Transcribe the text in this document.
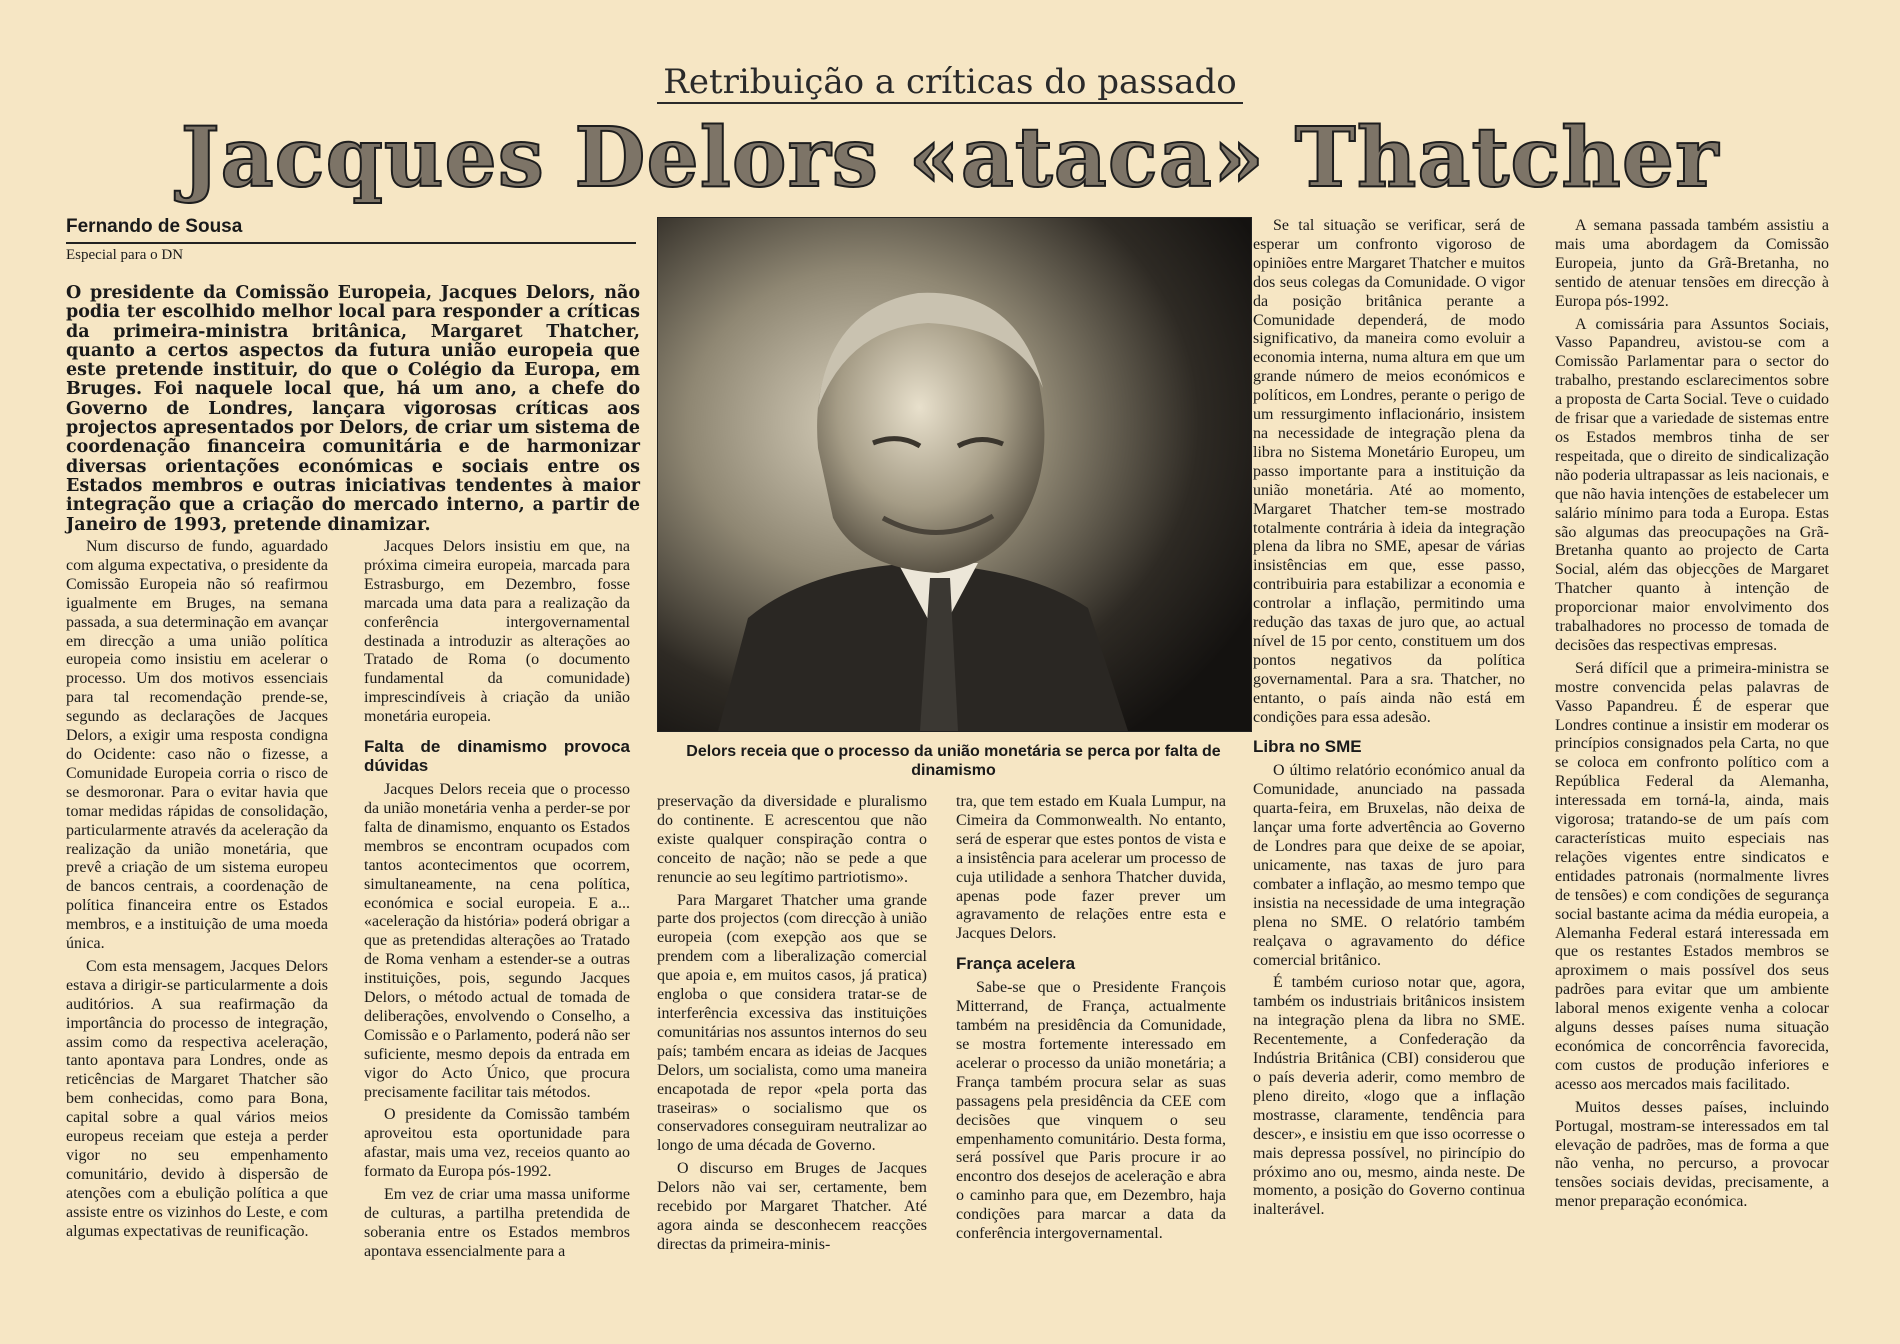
Retribuição a críticas do passado
Jacques Delors «ataca» Thatcher
Fernando de Sousa
Especial para o DN
O presidente da Comissão Europeia, Jacques Delors, não podia ter escolhido melhor local para responder a críticas da primeira-ministra britânica, Margaret Thatcher, quanto a certos aspectos da futura união europeia que este pretende instituir, do que o Colégio da Europa, em Bruges. Foi naquele local que, há um ano, a chefe do Governo de Londres, lançara vigorosas críticas aos projectos apresentados por Delors, de criar um sistema de coordenação financeira comunitária e de harmonizar diversas orientações económicas e sociais entre os Estados membros e outras iniciativas tendentes à maior integração que a criação do mercado interno, a partir de Janeiro de 1993, pretende dinamizar.
Delors receia que o processo da união monetária se perca por falta de dinamismo

Num discurso de fundo, aguardado com alguma expectativa, o presidente da Comissão Europeia não só reafirmou igualmente em Bruges, na semana passada, a sua determinação em avançar em direcção a uma união política europeia como insistiu em acelerar o processo. Um dos motivos essenciais para tal recomendação prende-se, segundo as declarações de Jacques Delors, a exigir uma resposta condigna do Ocidente: caso não o fizesse, a Comunidade Europeia corria o risco de se desmoronar. Para o evitar havia que tomar medidas rápidas de consolidação, particularmente através da aceleração da realização da união monetária, que prevê a criação de um sistema europeu de bancos centrais, a coordenação de política financeira entre os Estados membros, e a instituição de uma moeda única.

Com esta mensagem, Jacques Delors estava a dirigir-se particularmente a dois auditórios. A sua reafirmação da importância do processo de integração, assim como da respectiva aceleração, tanto apontava para Londres, onde as reticências de Margaret Thatcher são bem conhecidas, como para Bona, capital sobre a qual vários meios europeus receiam que esteja a perder vigor no seu empenhamento comunitário, devido à dispersão de atenções com a ebulição política a que assiste entre os vizinhos do Leste, e com algumas expectativas de reunificação.

Jacques Delors insistiu em que, na próxima cimeira europeia, marcada para Estrasburgo, em Dezembro, fosse marcada uma data para a realização da conferência intergovernamental destinada a introduzir as alterações ao Tratado de Roma (o documento fundamental da comunidade) imprescindíveis à criação da união monetária europeia.

Falta de dinamismo provoca dúvidas

Jacques Delors receia que o processo da união monetária venha a perder-se por falta de dinamismo, enquanto os Estados membros se encontram ocupados com tantos acontecimentos que ocorrem, simultaneamente, na cena política, económica e social europeia. E a... «aceleração da história» poderá obrigar a que as pretendidas alterações ao Tratado de Roma venham a estender-se a outras instituições, pois, segundo Jacques Delors, o método actual de tomada de deliberações, envolvendo o Conselho, a Comissão e o Parlamento, poderá não ser suficiente, mesmo depois da entrada em vigor do Acto Único, que procura precisamente facilitar tais métodos.

O presidente da Comissão também aproveitou esta oportunidade para afastar, mais uma vez, receios quanto ao formato da Europa pós-1992.

Em vez de criar uma massa uniforme de culturas, a partilha pretendida de soberania entre os Estados membros apontava essencialmente para a

preservação da diversidade e pluralismo do continente. E acrescentou que não existe qualquer conspiração contra o conceito de nação; não se pede a que renuncie ao seu legítimo partriotismo».

Para Margaret Thatcher uma grande parte dos projectos (com direcção à união europeia (com exepção aos que se prendem com a liberalização comercial que apoia e, em muitos casos, já pratica) engloba o que considera tratar-se de interferência excessiva das instituições comunitárias nos assuntos internos do seu país; também encara as ideias de Jacques Delors, um socialista, como uma maneira encapotada de repor «pela porta das traseiras» o socialismo que os conservadores conseguiram neutralizar ao longo de uma década de Governo.

O discurso em Bruges de Jacques Delors não vai ser, certamente, bem recebido por Margaret Thatcher. Até agora ainda se desconhecem reacções directas da primeira-minis-

tra, que tem estado em Kuala Lumpur, na Cimeira da Commonwealth. No entanto, será de esperar que estes pontos de vista e a insistência para acelerar um processo de cuja utilidade a senhora Thatcher duvida, apenas pode fazer prever um agravamento de relações entre esta e Jacques Delors.

França acelera

Sabe-se que o Presidente François Mitterrand, de França, actualmente também na presidência da Comunidade, se mostra fortemente interessado em acelerar o processo da união monetária; a França também procura selar as suas passagens pela presidência da CEE com decisões que vinquem o seu empenhamento comunitário. Desta forma, será possível que Paris procure ir ao encontro dos desejos de aceleração e abra o caminho para que, em Dezembro, haja condições para marcar a data da conferência intergovernamental.

Se tal situação se verificar, será de esperar um confronto vigoroso de opiniões entre Margaret Thatcher e muitos dos seus colegas da Comunidade. O vigor da posição britânica perante a Comunidade dependerá, de modo significativo, da maneira como evoluir a economia interna, numa altura em que um grande número de meios económicos e políticos, em Londres, perante o perigo de um ressurgimento inflacionário, insistem na necessidade de integração plena da libra no Sistema Monetário Europeu, um passo importante para a instituição da união monetária. Até ao momento, Margaret Thatcher tem-se mostrado totalmente contrária à ideia da integração plena da libra no SME, apesar de várias insistências em que, esse passo, contribuiria para estabilizar a economia e controlar a inflação, permitindo uma redução das taxas de juro que, ao actual nível de 15 por cento, constituem um dos pontos negativos da política governamental. Para a sra. Thatcher, no entanto, o país ainda não está em condições para essa adesão.

Libra no SME

O último relatório económico anual da Comunidade, anunciado na passada quarta-feira, em Bruxelas, não deixa de lançar uma forte advertência ao Governo de Londres para que deixe de se apoiar, unicamente, nas taxas de juro para combater a inflação, ao mesmo tempo que insistia na necessidade de uma integração plena no SME. O relatório também realçava o agravamento do défice comercial britânico.

É também curioso notar que, agora, também os industriais britânicos insistem na integração plena da libra no SME. Recentemente, a Confederação da Indústria Britânica (CBI) considerou que o país deveria aderir, como membro de pleno direito, «logo que a inflação mostrasse, claramente, tendência para descer», e insistiu em que isso ocorresse o mais depressa possível, no pirincípio do próximo ano ou, mesmo, ainda neste. De momento, a posição do Governo continua inalterável.

A semana passada também assistiu a mais uma abordagem da Comissão Europeia, junto da Grã-Bretanha, no sentido de atenuar tensões em direcção à Europa pós-1992.

A comissária para Assuntos Sociais, Vasso Papandreu, avistou-se com a Comissão Parlamentar para o sector do trabalho, prestando esclarecimentos sobre a proposta de Carta Social. Teve o cuidado de frisar que a variedade de sistemas entre os Estados membros tinha de ser respeitada, que o direito de sindicalização não poderia ultrapassar as leis nacionais, e que não havia intenções de estabelecer um salário mínimo para toda a Europa. Estas são algumas das preocupações na Grã-Bretanha quanto ao projecto de Carta Social, além das objecções de Margaret Thatcher quanto à intenção de proporcionar maior envolvimento dos trabalhadores no processo de tomada de decisões das respectivas empresas.

Será difícil que a primeira-ministra se mostre convencida pelas palavras de Vasso Papandreu. É de esperar que Londres continue a insistir em moderar os princípios consignados pela Carta, no que se coloca em confronto político com a República Federal da Alemanha, interessada em torná-la, ainda, mais vigorosa; tratando-se de um país com características muito especiais nas relações vigentes entre sindicatos e entidades patronais (normalmente livres de tensões) e com condições de segurança social bastante acima da média europeia, a Alemanha Federal estará interessada em que os restantes Estados membros se aproximem o mais possível dos seus padrões para evitar que um ambiente laboral menos exigente venha a colocar alguns desses países numa situação económica de concorrência favorecida, com custos de produção inferiores e acesso aos mercados mais facilitado.

Muitos desses países, incluindo Portugal, mostram-se interessados em tal elevação de padrões, mas de forma a que não venha, no percurso, a provocar tensões sociais devidas, precisamente, a menor preparação económica.
